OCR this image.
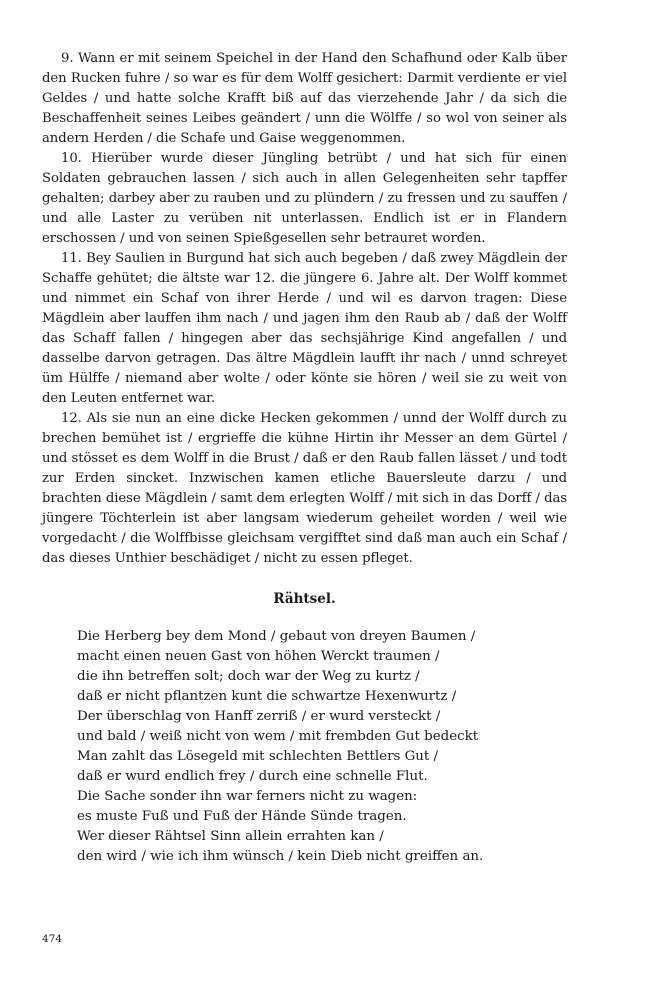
9. Wann er mit seinem Speichel in der Hand den Schafhund oder Kalb über den Rucken fuhre / so war es für dem Wolff gesichert: Darmit verdiente er viel Geldes / und hatte solche Krafft biß auf das vierzehende Jahr / da sich die Beschaffenheit seines Leibes geändert / unn die Wölffe / so wol von seiner als andern Herden / die Schafe und Gaise weggenommen.

10. Hierüber wurde dieser Jüngling betrübt / und hat sich für einen Soldaten gebrauchen lassen / sich auch in allen Gelegenheiten sehr tapffer gehalten; darbey aber zu rauben und zu plündern / zu fressen und zu sauffen / und alle Laster zu verüben nit unterlassen. Endlich ist er in Flandern erschossen / und von seinen Spießgesellen sehr betrauret worden.

11. Bey Saulien in Burgund hat sich auch begeben / daß zwey Mägdlein der Schaffe gehütet; die ältste war 12. die jüngere 6. Jahre alt. Der Wolff kommet und nimmet ein Schaf von ihrer Herde / und wil es darvon tragen: Diese Mägdlein aber lauffen ihm nach / und jagen ihm den Raub ab / daß der Wolff das Schaff fallen / hingegen aber das sechsjährige Kind angefallen / und dasselbe darvon getragen. Das ältre Mägdlein laufft ihr nach / unnd schreyet üm Hülffe / niemand aber wolte / oder könte sie hören / weil sie zu weit von den Leuten entfernet war.

12. Als sie nun an eine dicke Hecken gekommen / unnd der Wolff durch zu brechen bemühet ist / ergrieffe die kühne Hirtin ihr Messer an dem Gürtel / und stösset es dem Wolff in die Brust / daß er den Raub fallen lässet / und todt zur Erden sincket. Inzwischen kamen etliche Bauersleute darzu / und brachten diese Mägdlein / samt dem erlegten Wolff / mit sich in das Dorff / das jüngere Töchterlein ist aber langsam wiederum geheilet worden / weil wie vorgedacht / die Wolffbisse gleichsam vergifftet sind daß man auch ein Schaf / das dieses Unthier beschädiget / nicht zu essen pfleget.

Rähtsel.
Die Herberg bey dem Mond / gebaut von dreyen Baumen /
macht einen neuen Gast von höhen Werckt traumen /
die ihn betreffen solt; doch war der Weg zu kurtz /
daß er nicht pflantzen kunt die schwartze Hexenwurtz /
Der überschlag von Hanff zerriß / er wurd versteckt /
und bald / weiß nicht von wem / mit frembden Gut bedeckt
Man zahlt das Lösegeld mit schlechten Bettlers Gut /
daß er wurd endlich frey / durch eine schnelle Flut.
Die Sache sonder ihn war ferners nicht zu wagen:
es muste Fuß und Fuß der Hände Sünde tragen.
Wer dieser Rähtsel Sinn allein errahten kan /
den wird / wie ich ihm wünsch / kein Dieb nicht greiffen an.

474
